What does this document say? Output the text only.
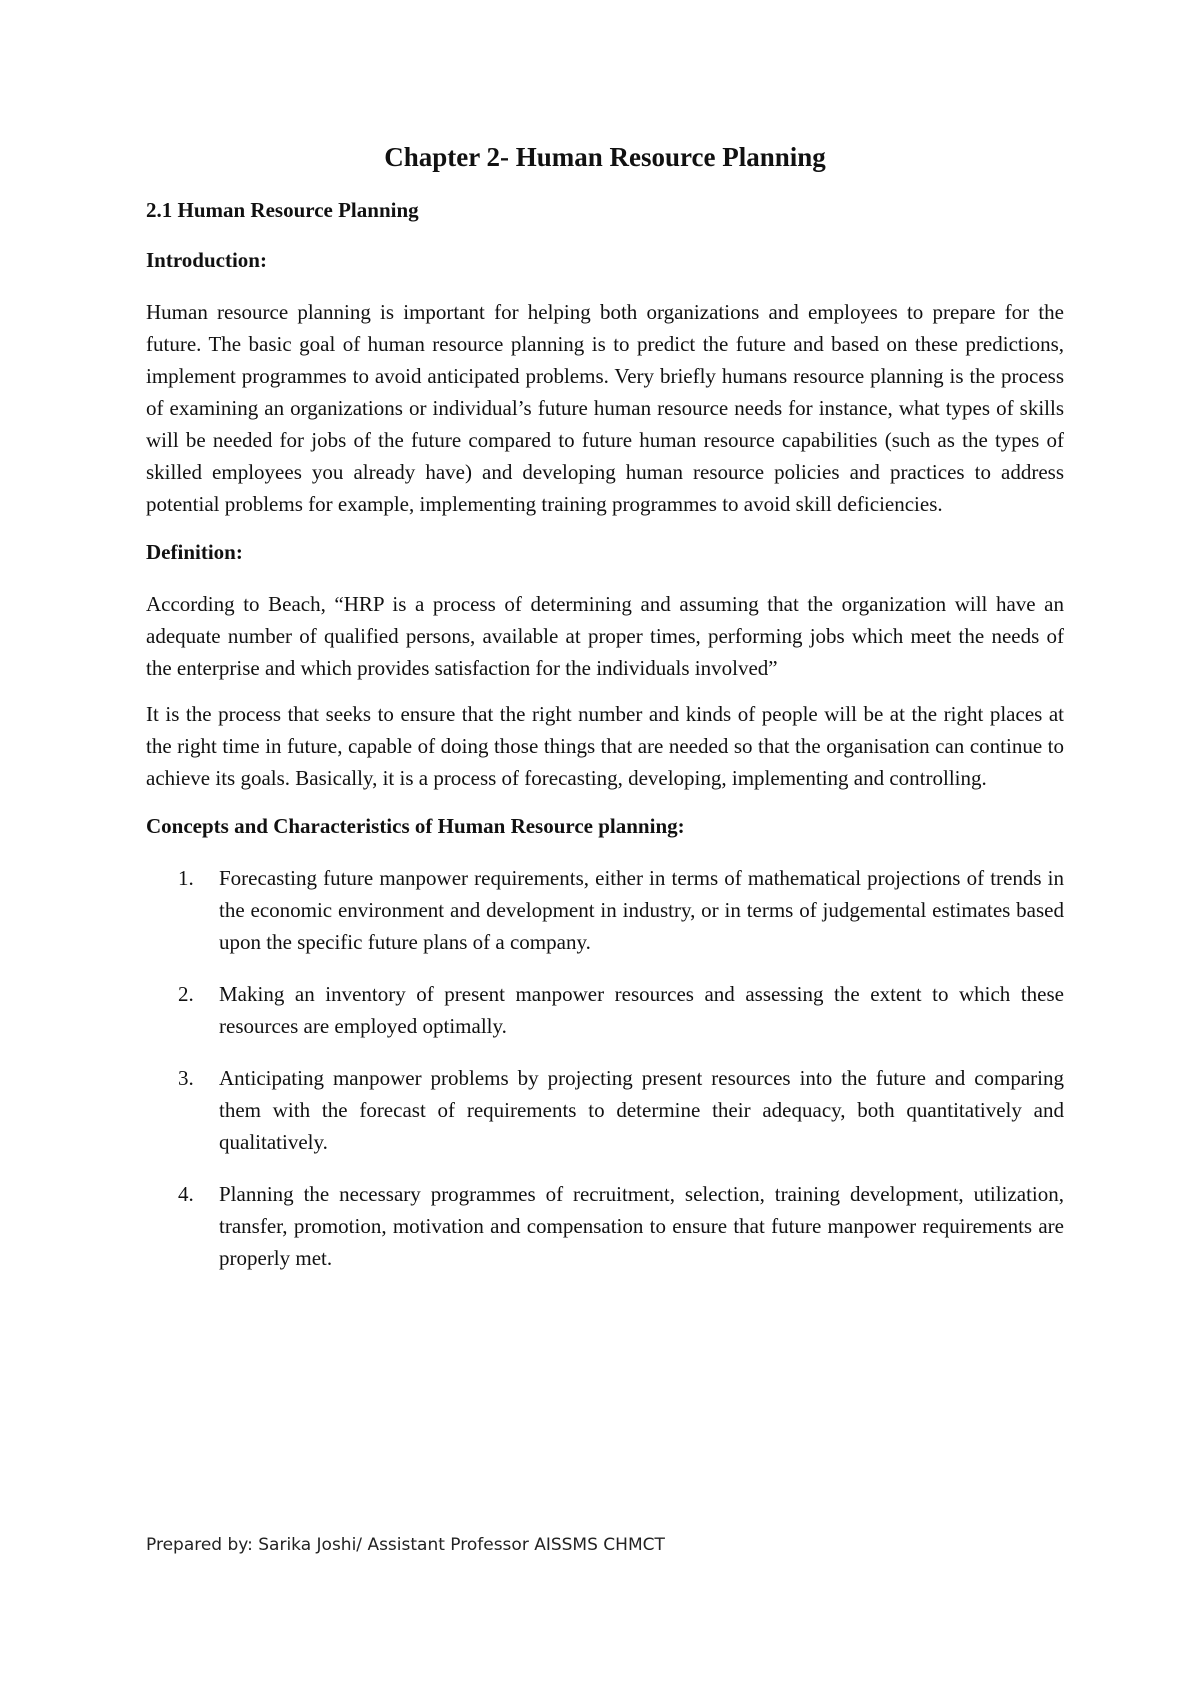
Chapter 2- Human Resource Planning
2.1 Human Resource Planning
Introduction:

Human resource planning is important for helping both organizations and employees to prepare for the future. The basic goal of human resource planning is to predict the future and based on these predictions, implement programmes to avoid anticipated problems. Very briefly humans resource planning is the process of examining an organizations or individual’s future human resource needs for instance, what types of skills will be needed for jobs of the future compared to future human resource capabilities (such as the types of skilled employees you already have) and developing human resource policies and practices to address potential problems for example, implementing training programmes to avoid skill deficiencies.

Definition:

According to Beach, “HRP is a process of determining and assuming that the organization will have an adequate number of qualified persons, available at proper times, performing jobs which meet the needs of the enterprise and which provides satisfaction for the individuals involved”

It is the process that seeks to ensure that the right number and kinds of people will be at the right places at the right time in future, capable of doing those things that are needed so that the organisation can continue to achieve its goals. Basically, it is a process of forecasting, developing, implementing and controlling.

Concepts and Characteristics of Human Resource planning:
1. Forecasting future manpower requirements, either in terms of mathematical projections of trends in the economic environment and development in industry, or in terms of judgemental estimates based upon the specific future plans of a company.
2. Making an inventory of present manpower resources and assessing the extent to which these resources are employed optimally.
3. Anticipating manpower problems by projecting present resources into the future and comparing them with the forecast of requirements to determine their adequacy, both quantitatively and qualitatively.
4. Planning the necessary programmes of recruitment, selection, training development, utilization, transfer, promotion, motivation and compensation to ensure that future manpower requirements are properly met.
Prepared by: Sarika Joshi/ Assistant Professor AISSMS CHMCT
